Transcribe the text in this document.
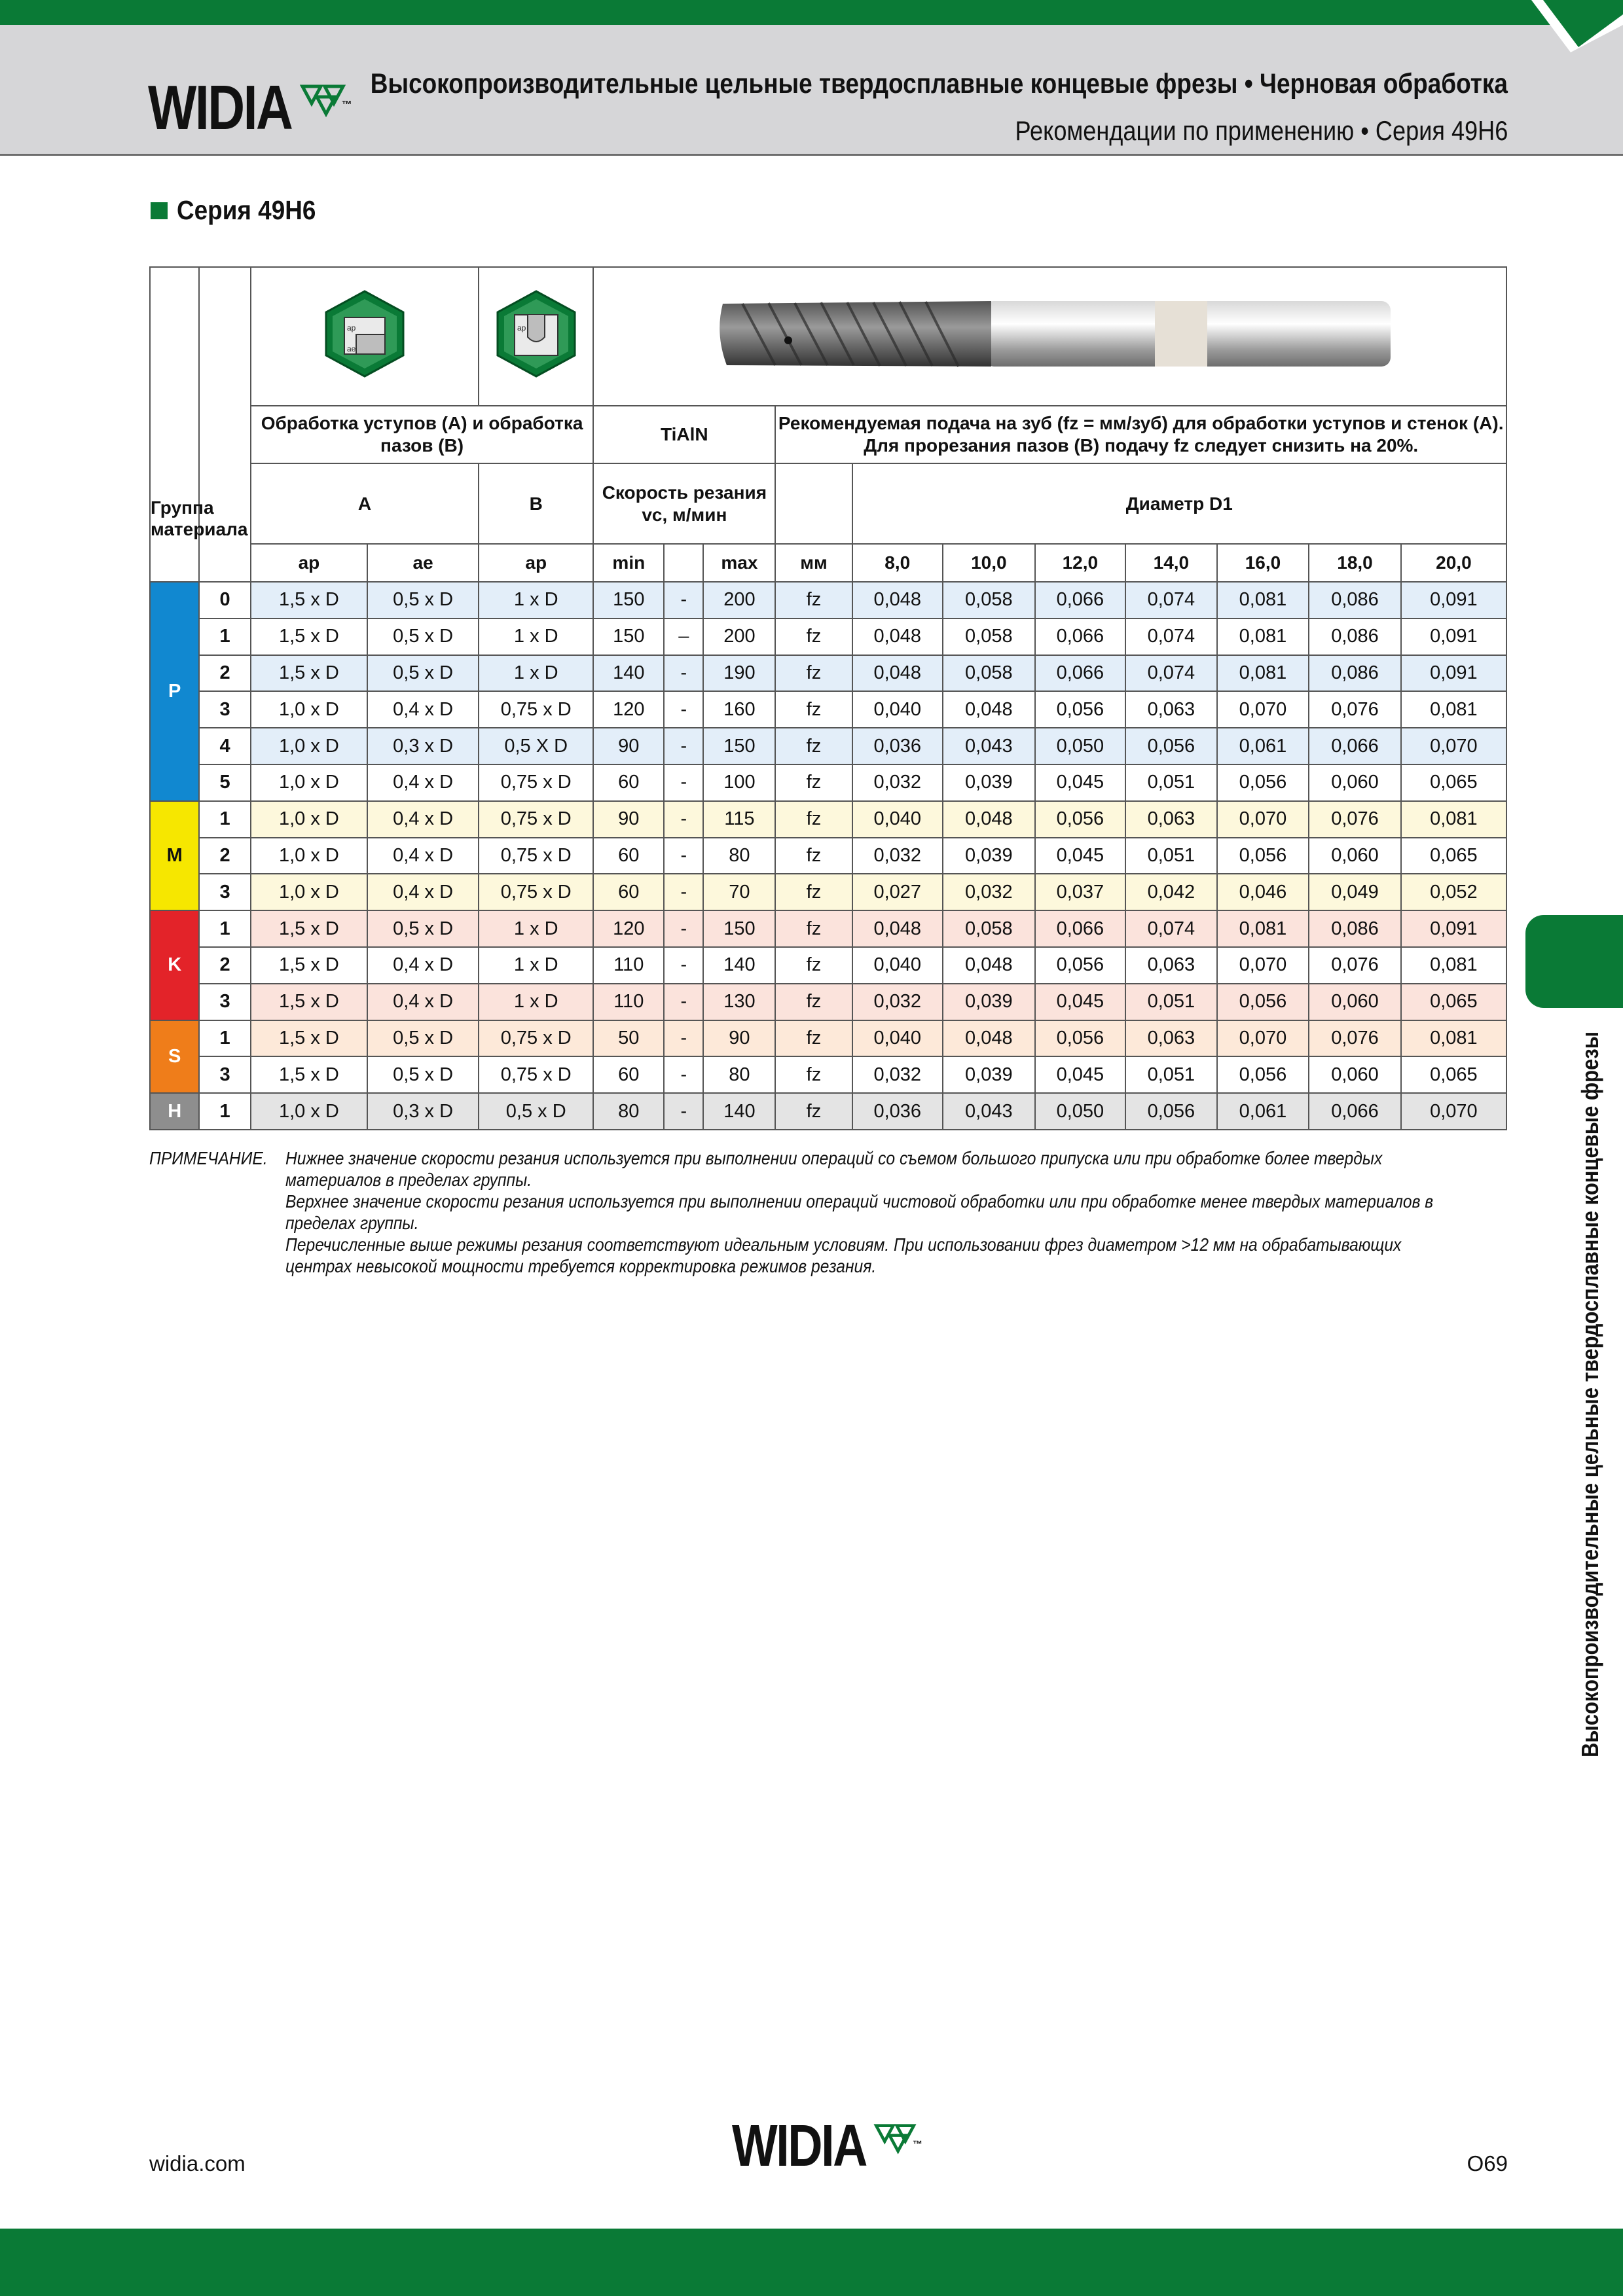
WIDIA	™
Высокопроизводительные цельные твердосплавные концевые фрезы • Черновая обработка
Рекомендации по применению • Серия 49H6
Серия 49H6
Группа материала		ap
ae		ap

		Обработка уступов (A) и обработка пазов (B)			TiAlN			Рекомендуемая подача на зуб (fz = мм/зуб) для обработки уступов и стенок (A). Для прорезания пазов (B) подачу fz следует снизить на 20%.							
		A		B	Скорость резания vc, м/мин				Диаметр D1						
		ap	ae	ap	min		max	мм	8,0	10,0	12,0	14,0	16,0	18,0	20,0
P	0	1,5 x D	0,5 x D	1 x D	150	-	200	fz	0,048	0,058	0,066	0,074	0,081	0,086	0,091
	1	1,5 x D	0,5 x D	1 x D	150	–	200	fz	0,048	0,058	0,066	0,074	0,081	0,086	0,091
	2	1,5 x D	0,5 x D	1 x D	140	-	190	fz	0,048	0,058	0,066	0,074	0,081	0,086	0,091
	3	1,0 x D	0,4 x D	0,75 x D	120	-	160	fz	0,040	0,048	0,056	0,063	0,070	0,076	0,081
	4	1,0 x D	0,3 x D	0,5 X D	90	-	150	fz	0,036	0,043	0,050	0,056	0,061	0,066	0,070
	5	1,0 x D	0,4 x D	0,75 x D	60	-	100	fz	0,032	0,039	0,045	0,051	0,056	0,060	0,065
M	1	1,0 x D	0,4 x D	0,75 x D	90	-	115	fz	0,040	0,048	0,056	0,063	0,070	0,076	0,081
	2	1,0 x D	0,4 x D	0,75 x D	60	-	80	fz	0,032	0,039	0,045	0,051	0,056	0,060	0,065
	3	1,0 x D	0,4 x D	0,75 x D	60	-	70	fz	0,027	0,032	0,037	0,042	0,046	0,049	0,052
K	1	1,5 x D	0,5 x D	1 x D	120	-	150	fz	0,048	0,058	0,066	0,074	0,081	0,086	0,091
	2	1,5 x D	0,4 x D	1 x D	110	-	140	fz	0,040	0,048	0,056	0,063	0,070	0,076	0,081
	3	1,5 x D	0,4 x D	1 x D	110	-	130	fz	0,032	0,039	0,045	0,051	0,056	0,060	0,065
S	1	1,5 x D	0,5 x D	0,75 x D	50	-	90	fz	0,040	0,048	0,056	0,063	0,070	0,076	0,081
	3	1,5 x D	0,5 x D	0,75 x D	60	-	80	fz	0,032	0,039	0,045	0,051	0,056	0,060	0,065
H	1	1,0 x D	0,3 x D	0,5 x D	80	-	140	fz	0,036	0,043	0,050	0,056	0,061	0,066	0,070
ПРИМЕЧАНИЕ. Нижнее значение скорости резания используется при выполнении операций со съемом большого припуска или при обработке более твердых материалов в пределах группы.

Верхнее значение скорости резания используется при выполнении операций чистовой обработки или при обработке менее твердых материалов в пределах группы.

Перечисленные выше режимы резания соответствуют идеальным условиям. При использовании фрез диаметром >12 мм на обрабатывающих центрах невысокой мощности требуется корректировка режимов резания.	Высокопроизводительные цельные твердосплавные концевые фрезы
widia.com	WIDIA	™
O69
